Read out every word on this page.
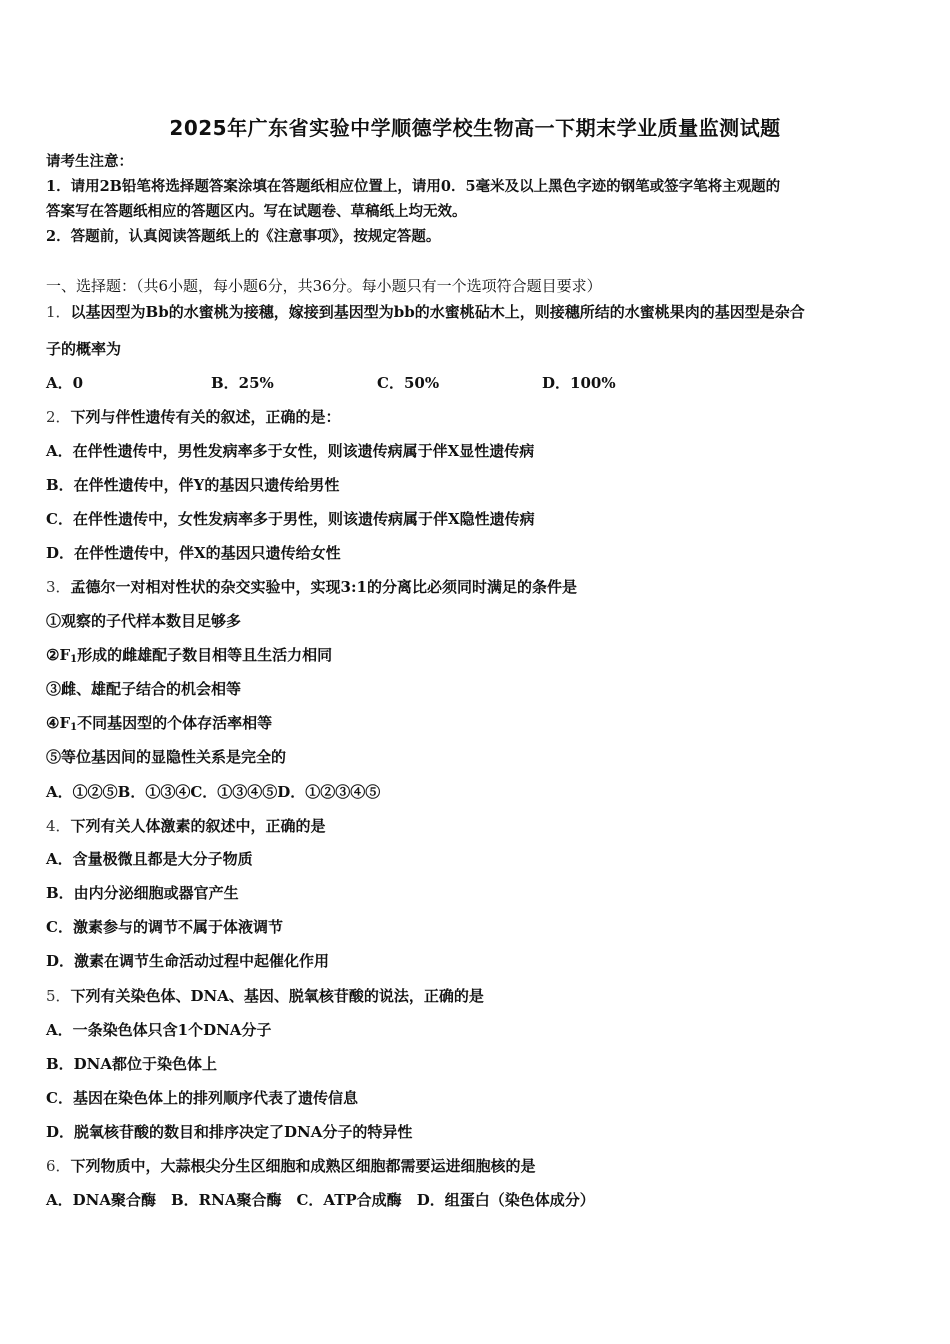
2025年广东省实验中学顺德学校生物高一下期末学业质量监测试题
请考生注意：
1．请用2B铅笔将选择题答案涂填在答题纸相应位置上，请用0．5毫米及以上黑色字迹的钢笔或签字笔将主观题的
答案写在答题纸相应的答题区内。写在试题卷、草稿纸上均无效。
2．答题前，认真阅读答题纸上的《注意事项》，按规定答题。
一、选择题：（共6小题，每小题6分，共36分。每小题只有一个选项符合题目要求）
1．以基因型为Bb的水蜜桃为接穗，嫁接到基因型为bb的水蜜桃砧木上，则接穗所结的水蜜桃果肉的基因型是杂合
子的概率为
A．0	B．25%	C．50%	D．100%
2．下列与伴性遗传有关的叙述，正确的是：
A．在伴性遗传中，男性发病率多于女性，则该遗传病属于伴X显性遗传病
B．在伴性遗传中，伴Y的基因只遗传给男性
C．在伴性遗传中，女性发病率多于男性，则该遗传病属于伴X隐性遗传病
D．在伴性遗传中，伴X的基因只遗传给女性
3．孟德尔一对相对性状的杂交实验中，实现3:1的分离比必须同时满足的条件是
①观察的子代样本数目足够多
$②F_1$形成的雌雄配子数目相等且生活力相同
③雌、雄配子结合的机会相等
$④F_1$不同基因型的个体存活率相等
⑤等位基因间的显隐性关系是完全的
A．①②⑤B．①③④C．①③④⑤D．①②③④⑤
4．下列有关人体激素的叙述中，正确的是
A．含量极微且都是大分子物质
B．由内分泌细胞或器官产生
C．激素参与的调节不属于体液调节
D．激素在调节生命活动过程中起催化作用
5．下列有关染色体、DNA、基因、脱氧核苷酸的说法，正确的是
A．一条染色体只含1个DNA分子
B．DNA都位于染色体上
C．基因在染色体上的排列顺序代表了遗传信息
D．脱氧核苷酸的数目和排序决定了DNA分子的特异性
6．下列物质中，大蒜根尖分生区细胞和成熟区细胞都需要运进细胞核的是
A．DNA聚合酶　B．RNA聚合酶　C．ATP合成酶　D．组蛋白（染色体成分）
